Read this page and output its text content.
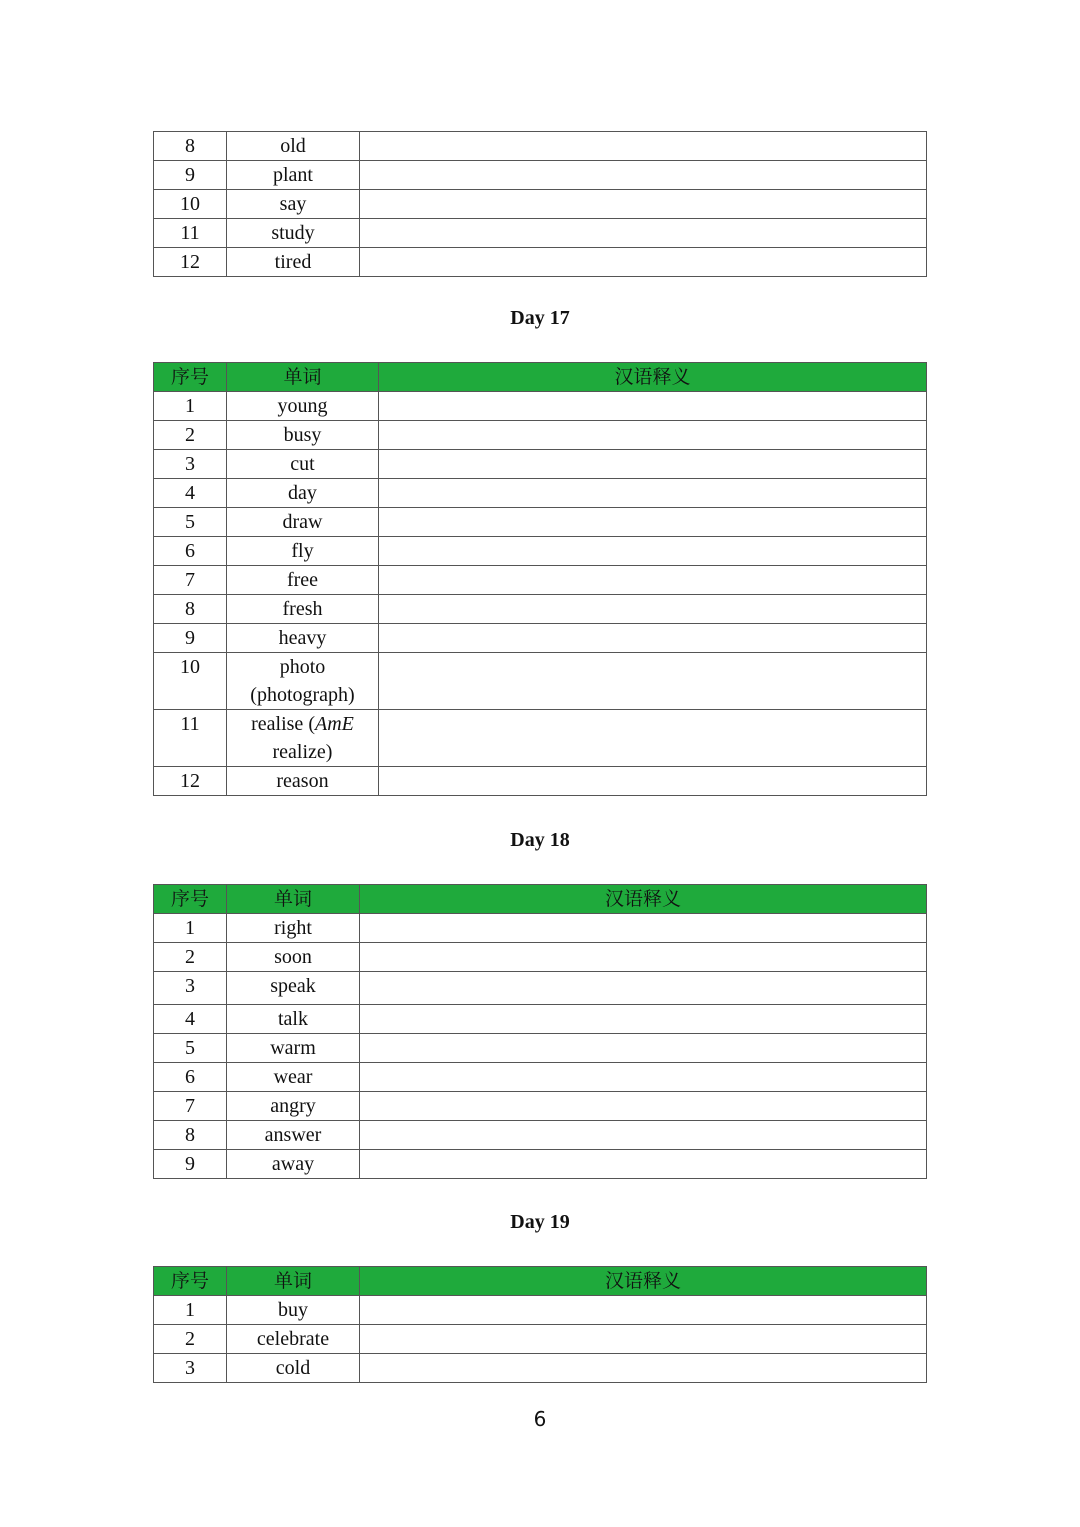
8	old	
9	plant	
10	say	
11	study	
12	tired	
Day 17
序号	单词	汉语释义
1	young	
2	busy	
3	cut	
4	day	
5	draw	
6	fly	
7	free	
8	fresh	
9	heavy	
10	photo
(photograph)	
11	realise (AmE
realize)	
12	reason	
Day 18
序号	单词	汉语释义
1	right	
2	soon	
3	speak	
4	talk	
5	warm	
6	wear	
7	angry	
8	answer	
9	away	
Day 19
序号	单词	汉语释义
1	buy	
2	celebrate	
3	cold	
6
